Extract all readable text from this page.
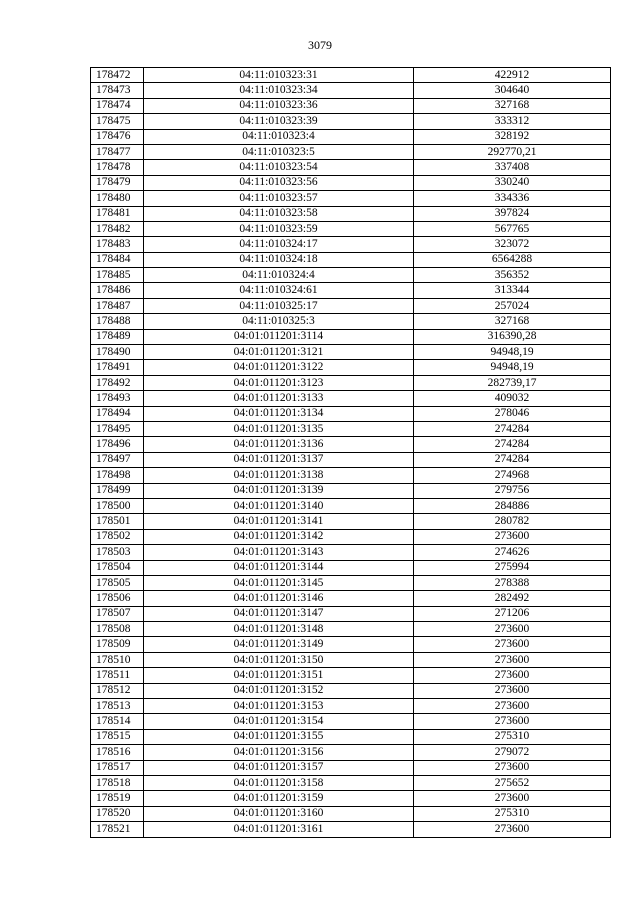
3079
178472	04:11:010323:31	422912
178473	04:11:010323:34	304640
178474	04:11:010323:36	327168
178475	04:11:010323:39	333312
178476	04:11:010323:4	328192
178477	04:11:010323:5	292770,21
178478	04:11:010323:54	337408
178479	04:11:010323:56	330240
178480	04:11:010323:57	334336
178481	04:11:010323:58	397824
178482	04:11:010323:59	567765
178483	04:11:010324:17	323072
178484	04:11:010324:18	6564288
178485	04:11:010324:4	356352
178486	04:11:010324:61	313344
178487	04:11:010325:17	257024
178488	04:11:010325:3	327168
178489	04:01:011201:3114	316390,28
178490	04:01:011201:3121	94948,19
178491	04:01:011201:3122	94948,19
178492	04:01:011201:3123	282739,17
178493	04:01:011201:3133	409032
178494	04:01:011201:3134	278046
178495	04:01:011201:3135	274284
178496	04:01:011201:3136	274284
178497	04:01:011201:3137	274284
178498	04:01:011201:3138	274968
178499	04:01:011201:3139	279756
178500	04:01:011201:3140	284886
178501	04:01:011201:3141	280782
178502	04:01:011201:3142	273600
178503	04:01:011201:3143	274626
178504	04:01:011201:3144	275994
178505	04:01:011201:3145	278388
178506	04:01:011201:3146	282492
178507	04:01:011201:3147	271206
178508	04:01:011201:3148	273600
178509	04:01:011201:3149	273600
178510	04:01:011201:3150	273600
178511	04:01:011201:3151	273600
178512	04:01:011201:3152	273600
178513	04:01:011201:3153	273600
178514	04:01:011201:3154	273600
178515	04:01:011201:3155	275310
178516	04:01:011201:3156	279072
178517	04:01:011201:3157	273600
178518	04:01:011201:3158	275652
178519	04:01:011201:3159	273600
178520	04:01:011201:3160	275310
178521	04:01:011201:3161	273600
